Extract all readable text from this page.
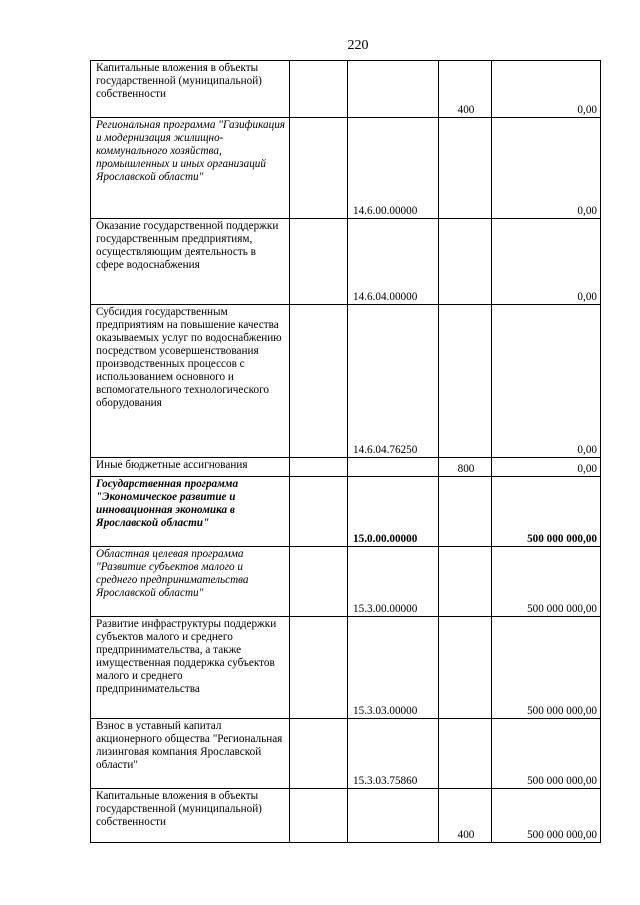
220
Капитальные вложения в объекты государственной (муниципальной) собственности			400	0,00
Региональная программа "Газификация и модернизация жилищно-коммунального хозяйства, промышленных и иных организаций Ярославской области"		14.6.00.00000		0,00
Оказание государственной поддержки государственным предприятиям, осуществляющим деятельность в сфере водоснабжения		14.6.04.00000		0,00
Субсидия государственным предприятиям на повышение качества оказываемых услуг по водоснабжению посредством усовершенствования производственных процессов с использованием основного и вспомогательного технологического оборудования		14.6.04.76250		0,00
Иные бюджетные ассигнования			800	0,00
Государственная программа "Экономическое развитие и инновационная экономика в Ярославской области"		15.0.00.00000		500 000 000,00
Областная целевая программа "Развитие субъектов малого и среднего предпринимательства Ярославской области"		15.3.00.00000		500 000 000,00
Развитие инфраструктуры поддержки субъектов малого и среднего предпринимательства, а также имущественная поддержка субъектов малого и среднего предпринимательства		15.3.03.00000		500 000 000,00
Взнос в уставный капитал акционерного общества "Региональная лизинговая компания Ярославской области"		15.3.03.75860		500 000 000,00
Капитальные вложения в объекты государственной (муниципальной) собственности			400	500 000 000,00
